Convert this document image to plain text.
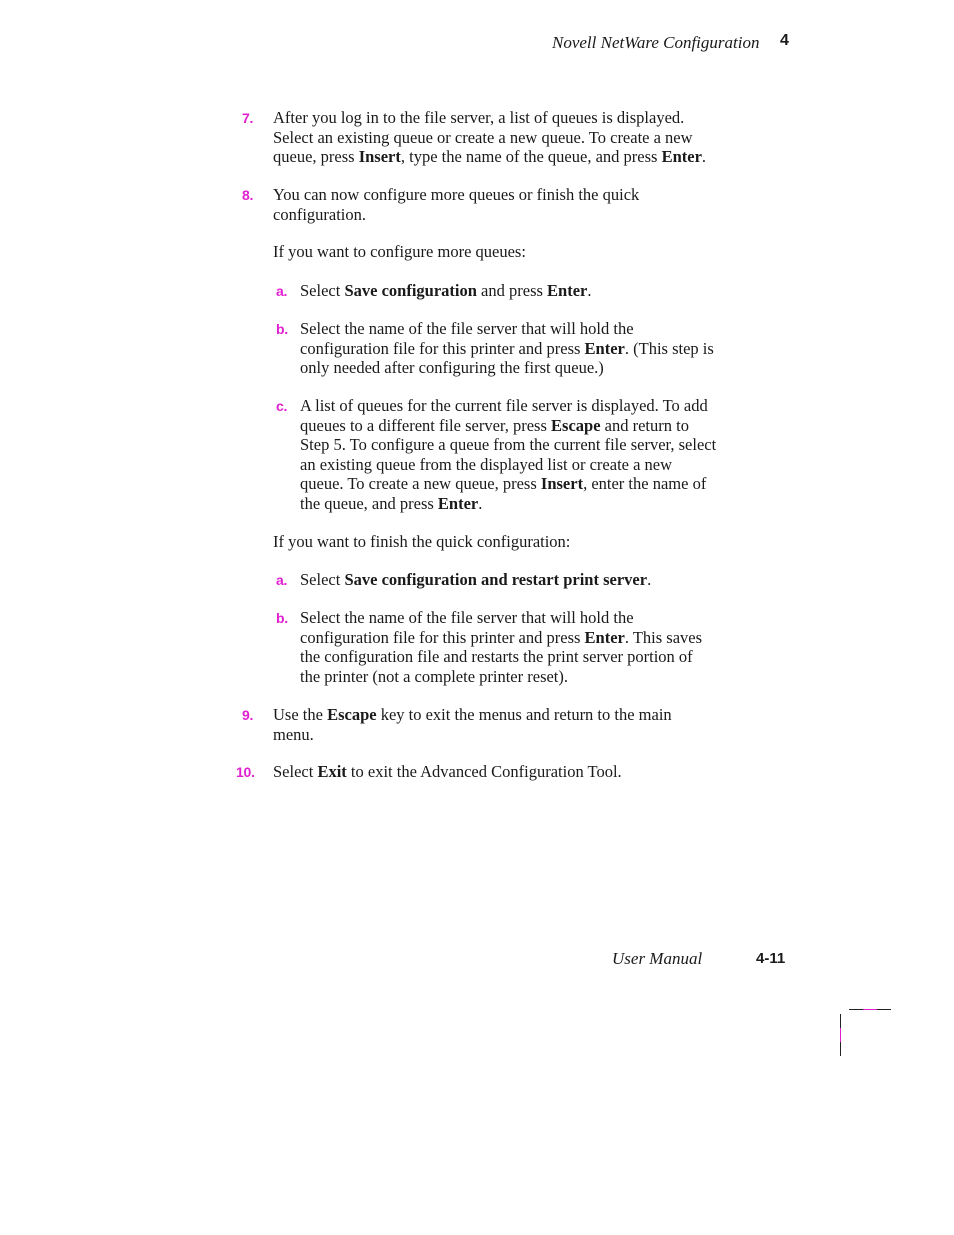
Novell NetWare Configuration 4
7. After you log in to the file server, a list of queues is displayed.
Select an existing queue or create a new queue. To create a new
queue, press Insert, type the name of the queue, and press Enter.
8. You can now configure more queues or finish the quick
configuration.
If you want to configure more queues:
a. Select Save configuration and press Enter.
b. Select the name of the file server that will hold the
configuration file for this printer and press Enter. (This step is
only needed after configuring the first queue.)
c. A list of queues for the current file server is displayed. To add
queues to a different file server, press Escape and return to
Step 5. To configure a queue from the current file server, select
an existing queue from the displayed list or create a new
queue. To create a new queue, press Insert, enter the name of
the queue, and press Enter.
If you want to finish the quick configuration:
a. Select Save configuration and restart print server.
b. Select the name of the file server that will hold the
configuration file for this printer and press Enter. This saves
the configuration file and restarts the print server portion of
the printer (not a complete printer reset).
9. Use the Escape key to exit the menus and return to the main
menu.
10. Select Exit to exit the Advanced Configuration Tool.
User Manual	4-11
